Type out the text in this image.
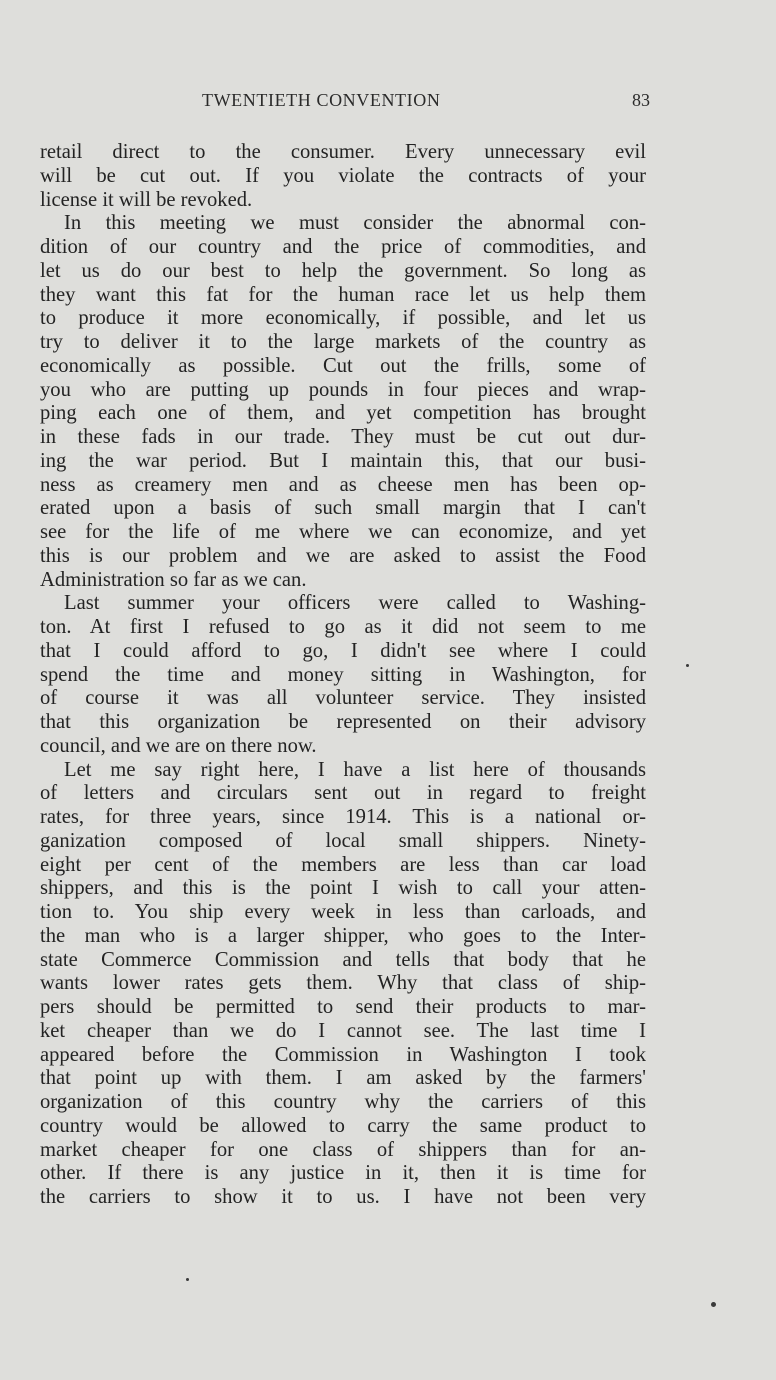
TWENTIETH CONVENTION	83
retail direct to the consumer. Every unnecessary evil
will be cut out. If you violate the contracts of your
license it will be revoked.
In this meeting we must consider the abnormal con-
dition of our country and the price of commodities, and
let us do our best to help the government. So long as
they want this fat for the human race let us help them
to produce it more economically, if possible, and let us
try to deliver it to the large markets of the country as
economically as possible. Cut out the frills, some of
you who are putting up pounds in four pieces and wrap-
ping each one of them, and yet competition has brought
in these fads in our trade. They must be cut out dur-
ing the war period. But I maintain this, that our busi-
ness as creamery men and as cheese men has been op-
erated upon a basis of such small margin that I can't
see for the life of me where we can economize, and yet
this is our problem and we are asked to assist the Food
Administration so far as we can.
Last summer your officers were called to Washing-
ton. At first I refused to go as it did not seem to me
that I could afford to go, I didn't see where I could
spend the time and money sitting in Washington, for
of course it was all volunteer service. They insisted
that this organization be represented on their advisory
council, and we are on there now.
Let me say right here, I have a list here of thousands
of letters and circulars sent out in regard to freight
rates, for three years, since 1914. This is a national or-
ganization composed of local small shippers. Ninety-
eight per cent of the members are less than car load
shippers, and this is the point I wish to call your atten-
tion to. You ship every week in less than carloads, and
the man who is a larger shipper, who goes to the Inter-
state Commerce Commission and tells that body that he
wants lower rates gets them. Why that class of ship-
pers should be permitted to send their products to mar-
ket cheaper than we do I cannot see. The last time I
appeared before the Commission in Washington I took
that point up with them. I am asked by the farmers'
organization of this country why the carriers of this
country would be allowed to carry the same product to
market cheaper for one class of shippers than for an-
other. If there is any justice in it, then it is time for
the carriers to show it to us. I have not been very
